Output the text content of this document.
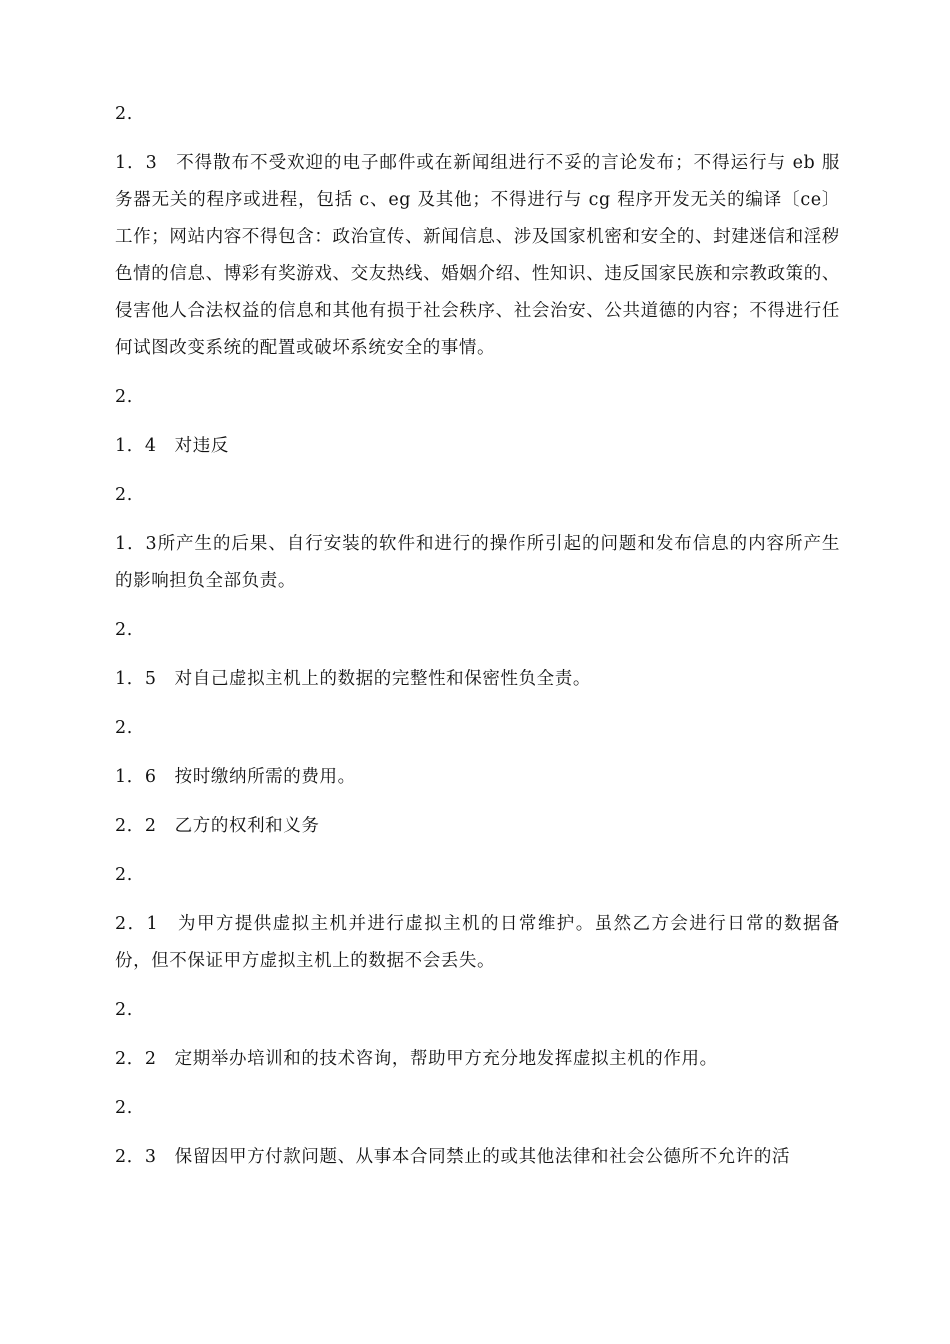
2.

1．3　不得散布不受欢迎的电子邮件或在新闻组进行不妥的言论发布；不得运行与 eb 服务器无关的程序或进程，包括 c、eg 及其他；不得进行与 cg 程序开发无关的编译〔ce〕工作；网站内容不得包含：政治宣传、新闻信息、涉及国家机密和安全的、封建迷信和淫秽色情的信息、博彩有奖游戏、交友热线、婚姻介绍、性知识、违反国家民族和宗教政策的、侵害他人合法权益的信息和其他有损于社会秩序、社会治安、公共道德的内容；不得进行任何试图改变系统的配置或破坏系统安全的事情。

2.

1．4　对违反

2.

1．3所产生的后果、自行安装的软件和进行的操作所引起的问题和发布信息的内容所产生的影响担负全部负责。

2.

1．5　对自己虚拟主机上的数据的完整性和保密性负全责。

2.

1．6　按时缴纳所需的费用。

2．2　乙方的权利和义务

2.

2．1　为甲方提供虚拟主机并进行虚拟主机的日常维护。虽然乙方会进行日常的数据备份，但不保证甲方虚拟主机上的数据不会丢失。

2.

2．2　定期举办培训和的技术咨询，帮助甲方充分地发挥虚拟主机的作用。

2.

2．3　保留因甲方付款问题、从事本合同禁止的或其他法律和社会公德所不允许的活
